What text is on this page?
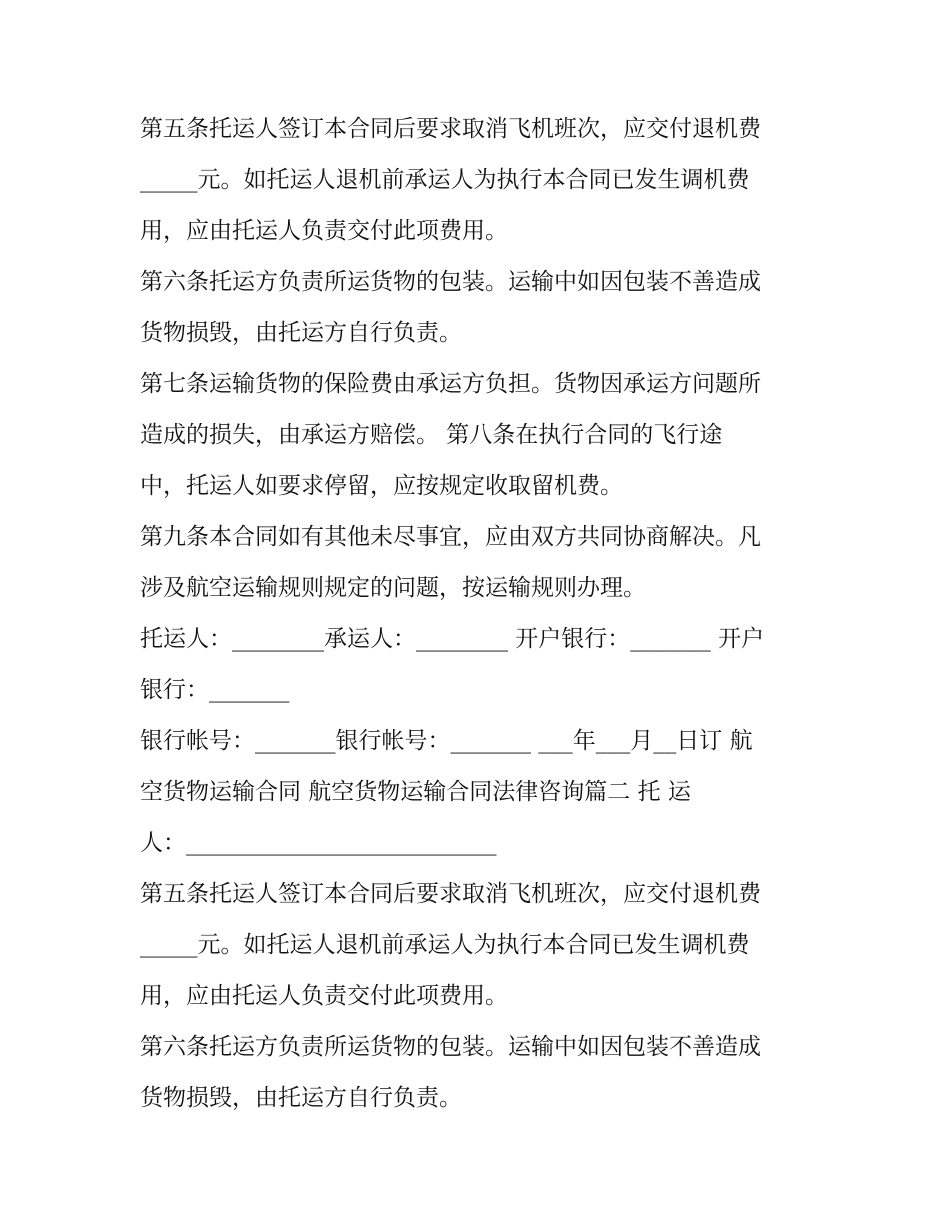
第五条托运人签订本合同后要求取消飞机班次，应交付退机费
_____元。如托运人退机前承运人为执行本合同已发生调机费
用，应由托运人负责交付此项费用。
第六条托运方负责所运货物的包装。运输中如因包装不善造成
货物损毁，由托运方自行负责。
第七条运输货物的保险费由承运方负担。货物因承运方问题所
造成的损失，由承运方赔偿。 第八条在执行合同的飞行途
中，托运人如要求停留，应按规定收取留机费。
第九条本合同如有其他未尽事宜，应由双方共同协商解决。凡
涉及航空运输规则规定的问题，按运输规则办理。
托运人：________承运人：________ 开户银行：_______ 开户
银行：_______
银行帐号：_______银行帐号：_______ ___年___月__日订 航
空货物运输合同 航空货物运输合同法律咨询篇二 托 运
人：___________________________
第五条托运人签订本合同后要求取消飞机班次，应交付退机费
_____元。如托运人退机前承运人为执行本合同已发生调机费
用，应由托运人负责交付此项费用。
第六条托运方负责所运货物的包装。运输中如因包装不善造成
货物损毁，由托运方自行负责。
